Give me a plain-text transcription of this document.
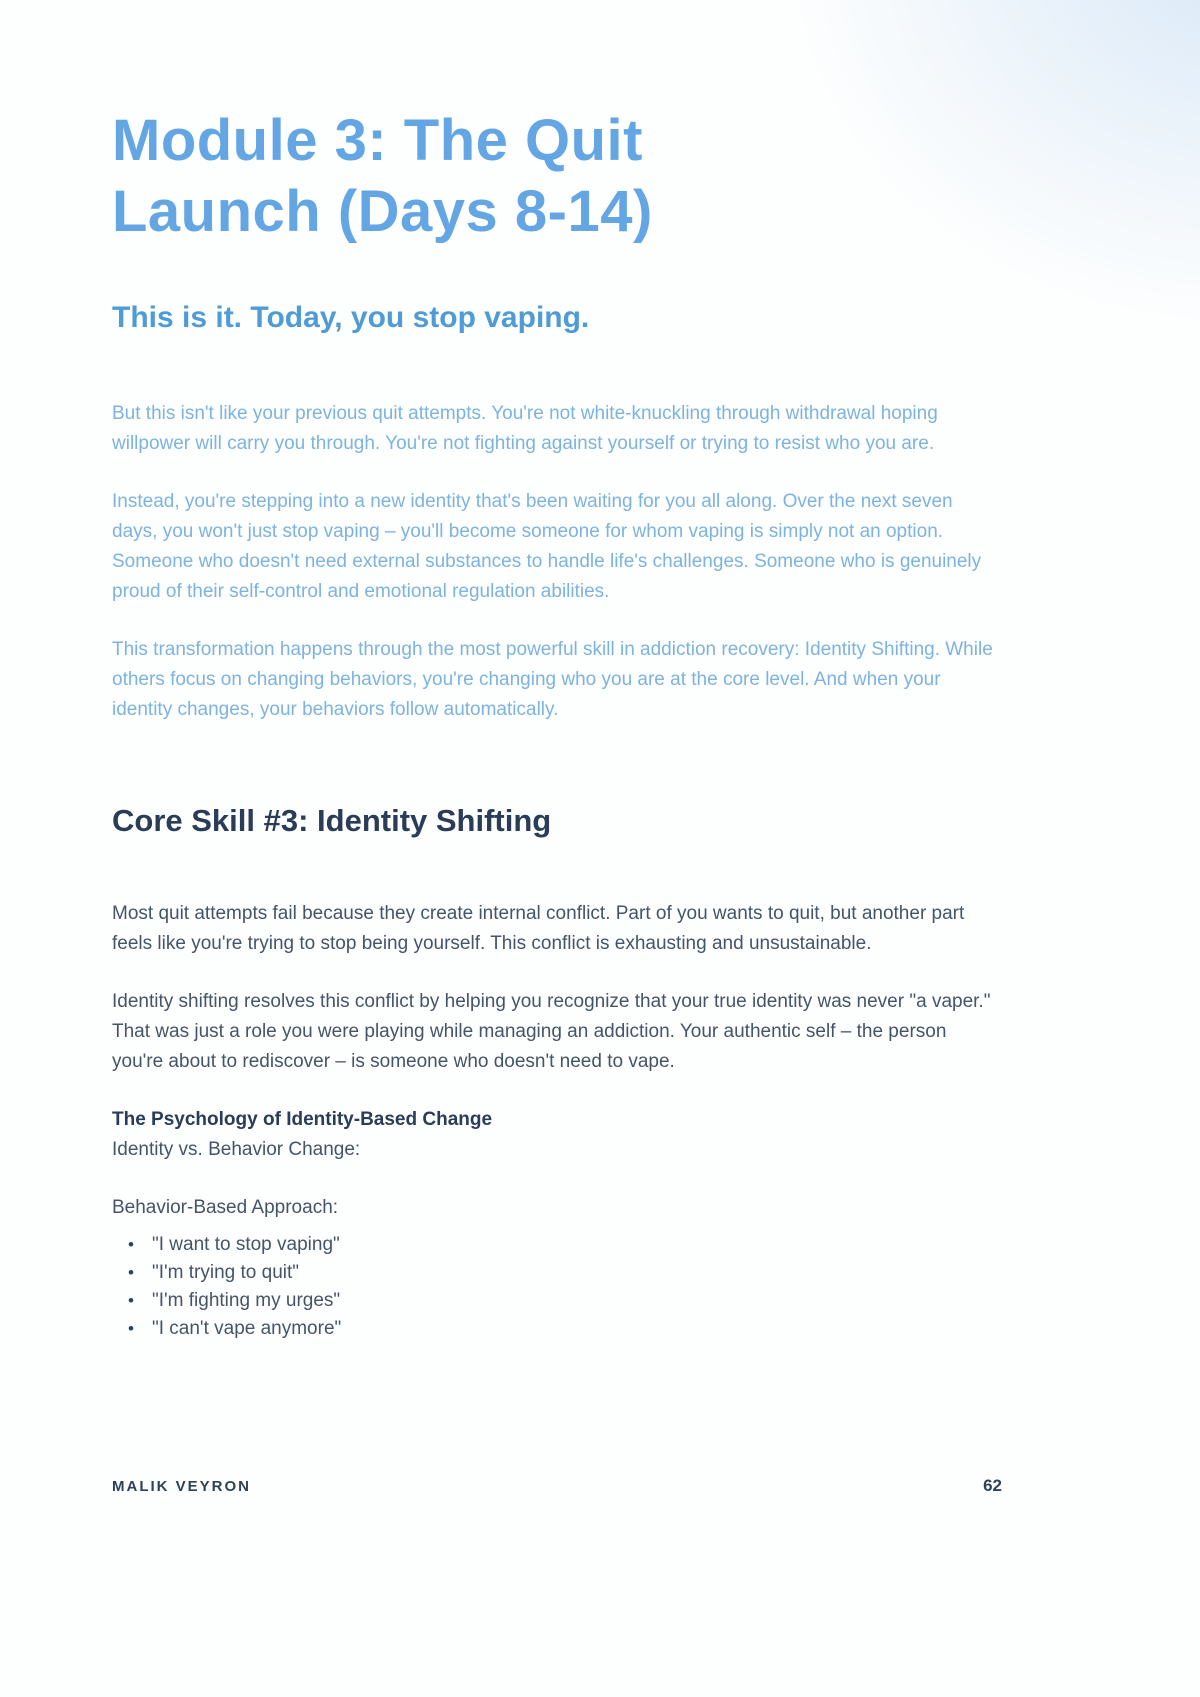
Module 3: The Quit
Launch (Days 8-14)
This is it. Today, you stop vaping.

But this isn't like your previous quit attempts. You're not white-knuckling through withdrawal hoping willpower will carry you through. You're not fighting against yourself or trying to resist who you are.

Instead, you're stepping into a new identity that's been waiting for you all along. Over the next seven days, you won't just stop vaping – you'll become someone for whom vaping is simply not an option. Someone who doesn't need external substances to handle life's challenges. Someone who is genuinely proud of their self-control and emotional regulation abilities.

This transformation happens through the most powerful skill in addiction recovery: Identity Shifting. While others focus on changing behaviors, you're changing who you are at the core level. And when your identity changes, your behaviors follow automatically.

Core Skill #3: Identity Shifting

Most quit attempts fail because they create internal conflict. Part of you wants to quit, but another part feels like you're trying to stop being yourself. This conflict is exhausting and unsustainable.

Identity shifting resolves this conflict by helping you recognize that your true identity was never "a vaper." That was just a role you were playing while managing an addiction. Your authentic self – the person you're about to rediscover – is someone who doesn't need to vape.

The Psychology of Identity-Based Change
Identity vs. Behavior Change:

Behavior-Based Approach:

• "I want to stop vaping"
• "I'm trying to quit"
• "I'm fighting my urges"
• "I can't vape anymore"
MALIK VEYRON	62
